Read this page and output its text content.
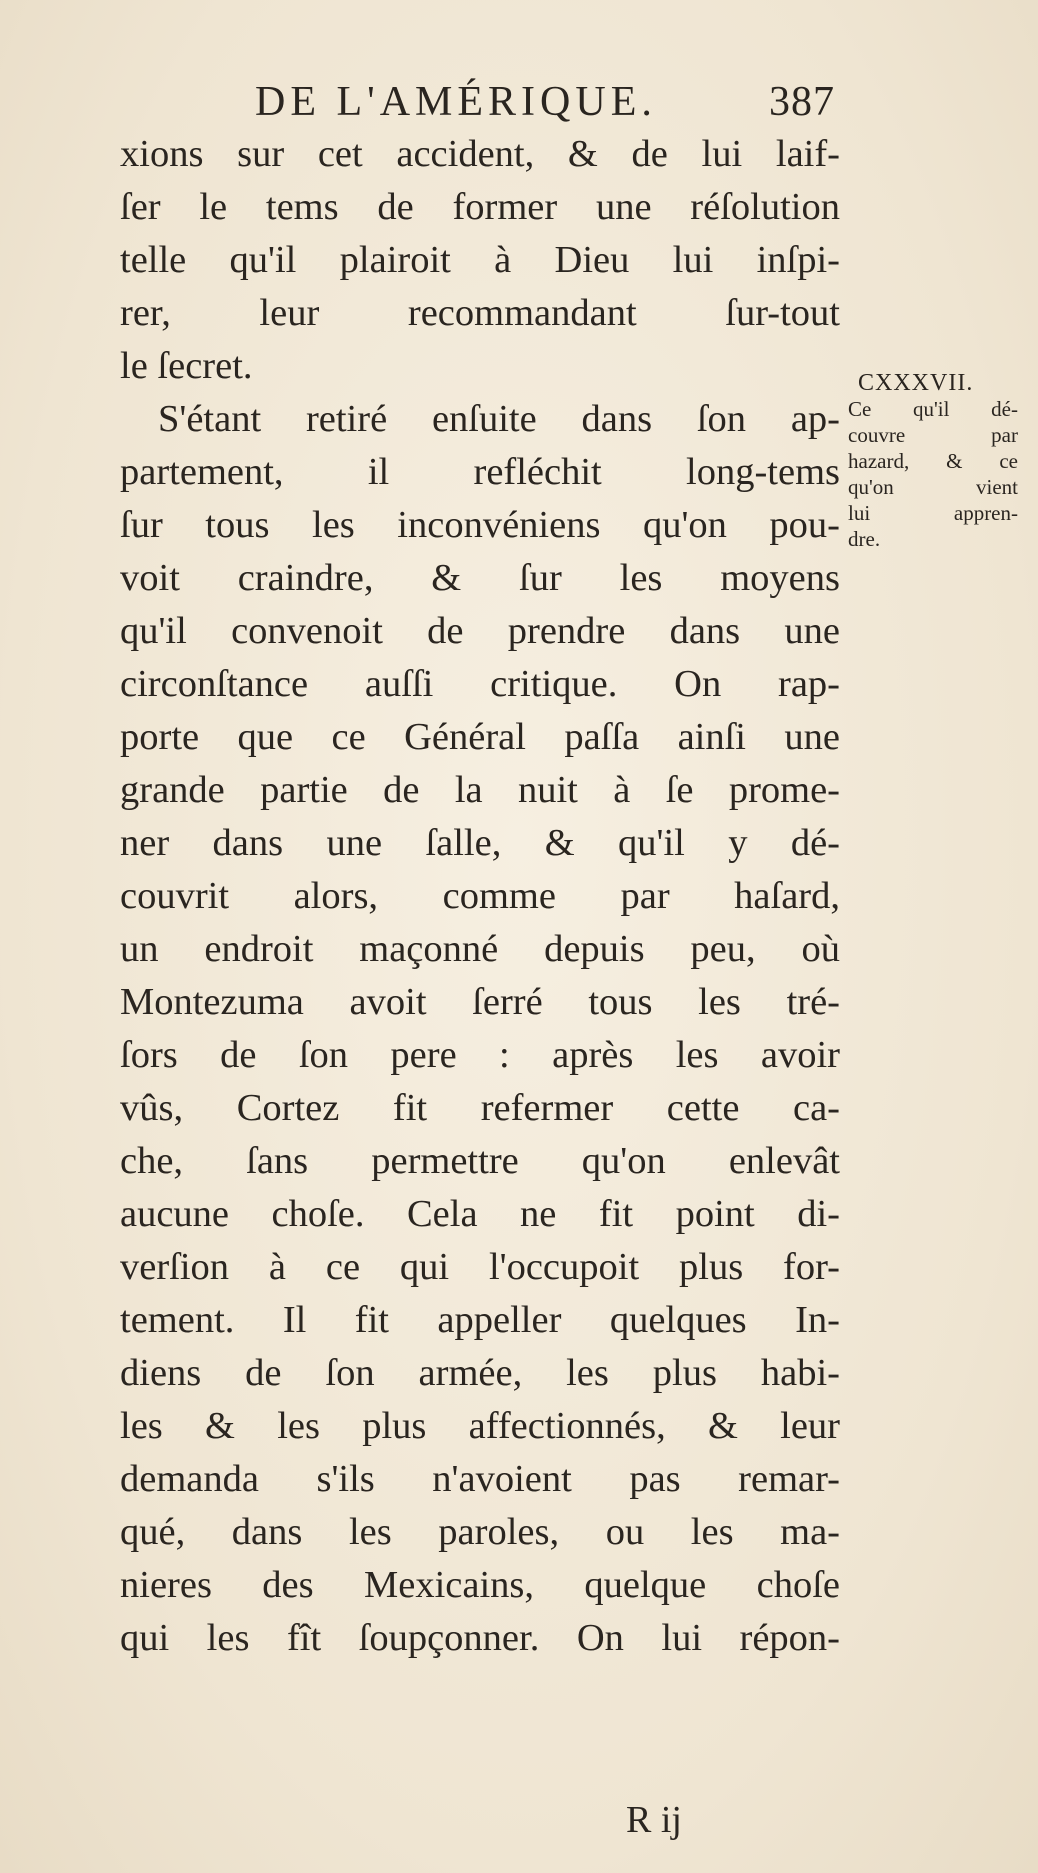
DE L'AMÉRIQUE.	387
xions sur cet accident, & de lui laif-
ſer le tems de former une réſolution
telle qu'il plairoit à Dieu lui inſpi-
rer, leur recommandant ſur-tout
le ſecret.
S'étant retiré enſuite dans ſon ap-
partement, il refléchit long-tems
ſur tous les inconvéniens qu'on pou-
voit craindre, & ſur les moyens
qu'il convenoit de prendre dans une
circonſtance auſſi critique. On rap-
porte que ce Général paſſa ainſi une
grande partie de la nuit à ſe prome-
ner dans une ſalle, & qu'il y dé-
couvrit alors, comme par haſard,
un endroit maçonné depuis peu, où
Montezuma avoit ſerré tous les tré-
ſors de ſon pere : après les avoir
vûs, Cortez fit refermer cette ca-
che, ſans permettre qu'on enlevât
aucune choſe. Cela ne fit point di-
verſion à ce qui l'occupoit plus for-
tement. Il fit appeller quelques In-
diens de ſon armée, les plus habi-
les & les plus affectionnés, & leur
demanda s'ils n'avoient pas remar-
qué, dans les paroles, ou les ma-
nieres des Mexicains, quelque choſe
qui les fît ſoupçonner. On lui répon-
CXXXVII.
Ce qu'il dé-
couvre par
hazard, & ce
qu'on vient
lui appren-
dre.
R ij
